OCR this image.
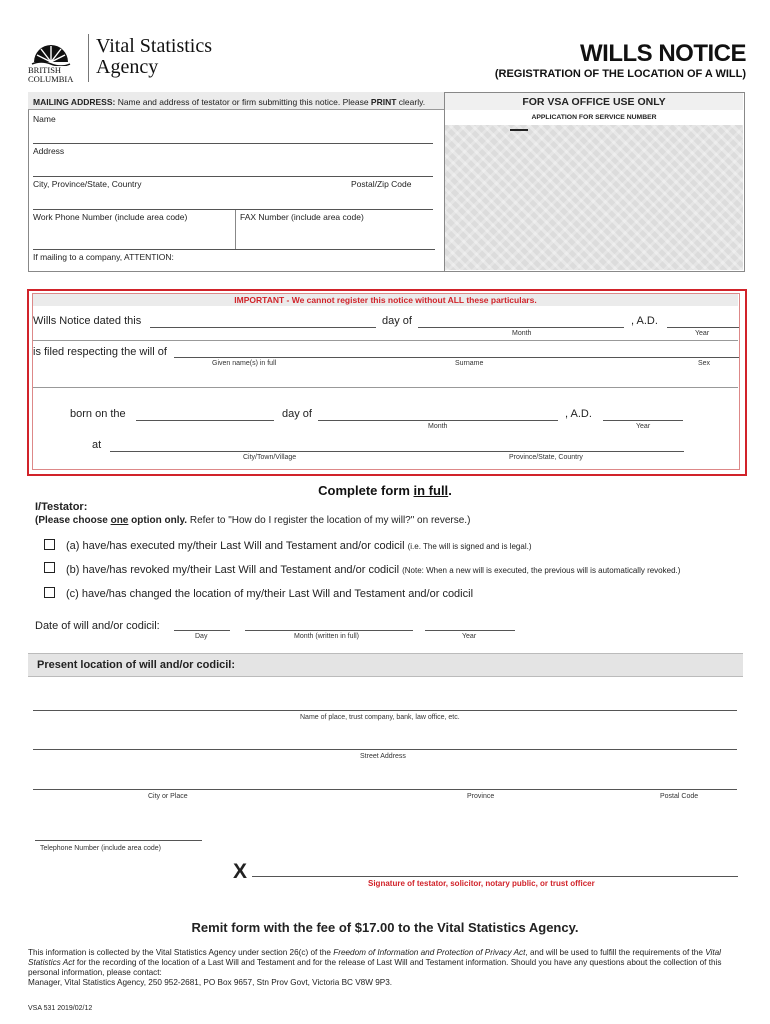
BRITISH
COLUMBIA
Vital Statistics
Agency	WILLS NOTICE
(REGISTRATION OF THE LOCATION OF A WILL)
MAILING ADDRESS: Name and address of testator or firm submitting this notice. Please PRINT clearly.
Name
Address
City, Province/State, Country	Postal/Zip Code
Work Phone Number (include area code)	FAX Number (include area code)
If mailing to a company, ATTENTION:
FOR VSA OFFICE USE ONLY
APPLICATION FOR SERVICE NUMBER
IMPORTANT - We cannot register this notice without ALL these particulars.
Wills Notice dated this	day of	, A.D.
Month	Year
is filed respecting the will of
Given name(s) in full	Surname	Sex
born on the	day of	, A.D.
Month	Year
at
City/Town/Village	Province/State, Country
Complete form in full.
I/Testator:
(Please choose one option only. Refer to "How do I register the location of my will?" on reverse.)
(a) have/has executed my/their Last Will and Testament and/or codicil (i.e. The will is signed and is legal.)
(b) have/has revoked my/their Last Will and Testament and/or codicil (Note: When a new will is executed, the previous will is automatically revoked.)
(c) have/has changed the location of my/their Last Will and Testament and/or codicil
Date of will and/or codicil:
Day	Month (written in full)	Year
Present location of will and/or codicil:
Name of place, trust company, bank, law office, etc.
Street Address
City or Place	Province	Postal Code
Telephone Number (include area code)
X
Signature of testator, solicitor, notary public, or trust officer
Remit form with the fee of $17.00 to the Vital Statistics Agency.
This information is collected by the Vital Statistics Agency under section 26(c) of the Freedom of Information and Protection of Privacy Act, and will be used to fulfill the requirements of the Vital Statistics Act for the recording of the location of a Last Will and Testament and for the release of Last Will and Testament information. Should you have any questions about the collection of this personal information, please contact:
Manager, Vital Statistics Agency, 250 952-2681, PO Box 9657, Stn Prov Govt, Victoria BC V8W 9P3.
VSA 531 2019/02/12
